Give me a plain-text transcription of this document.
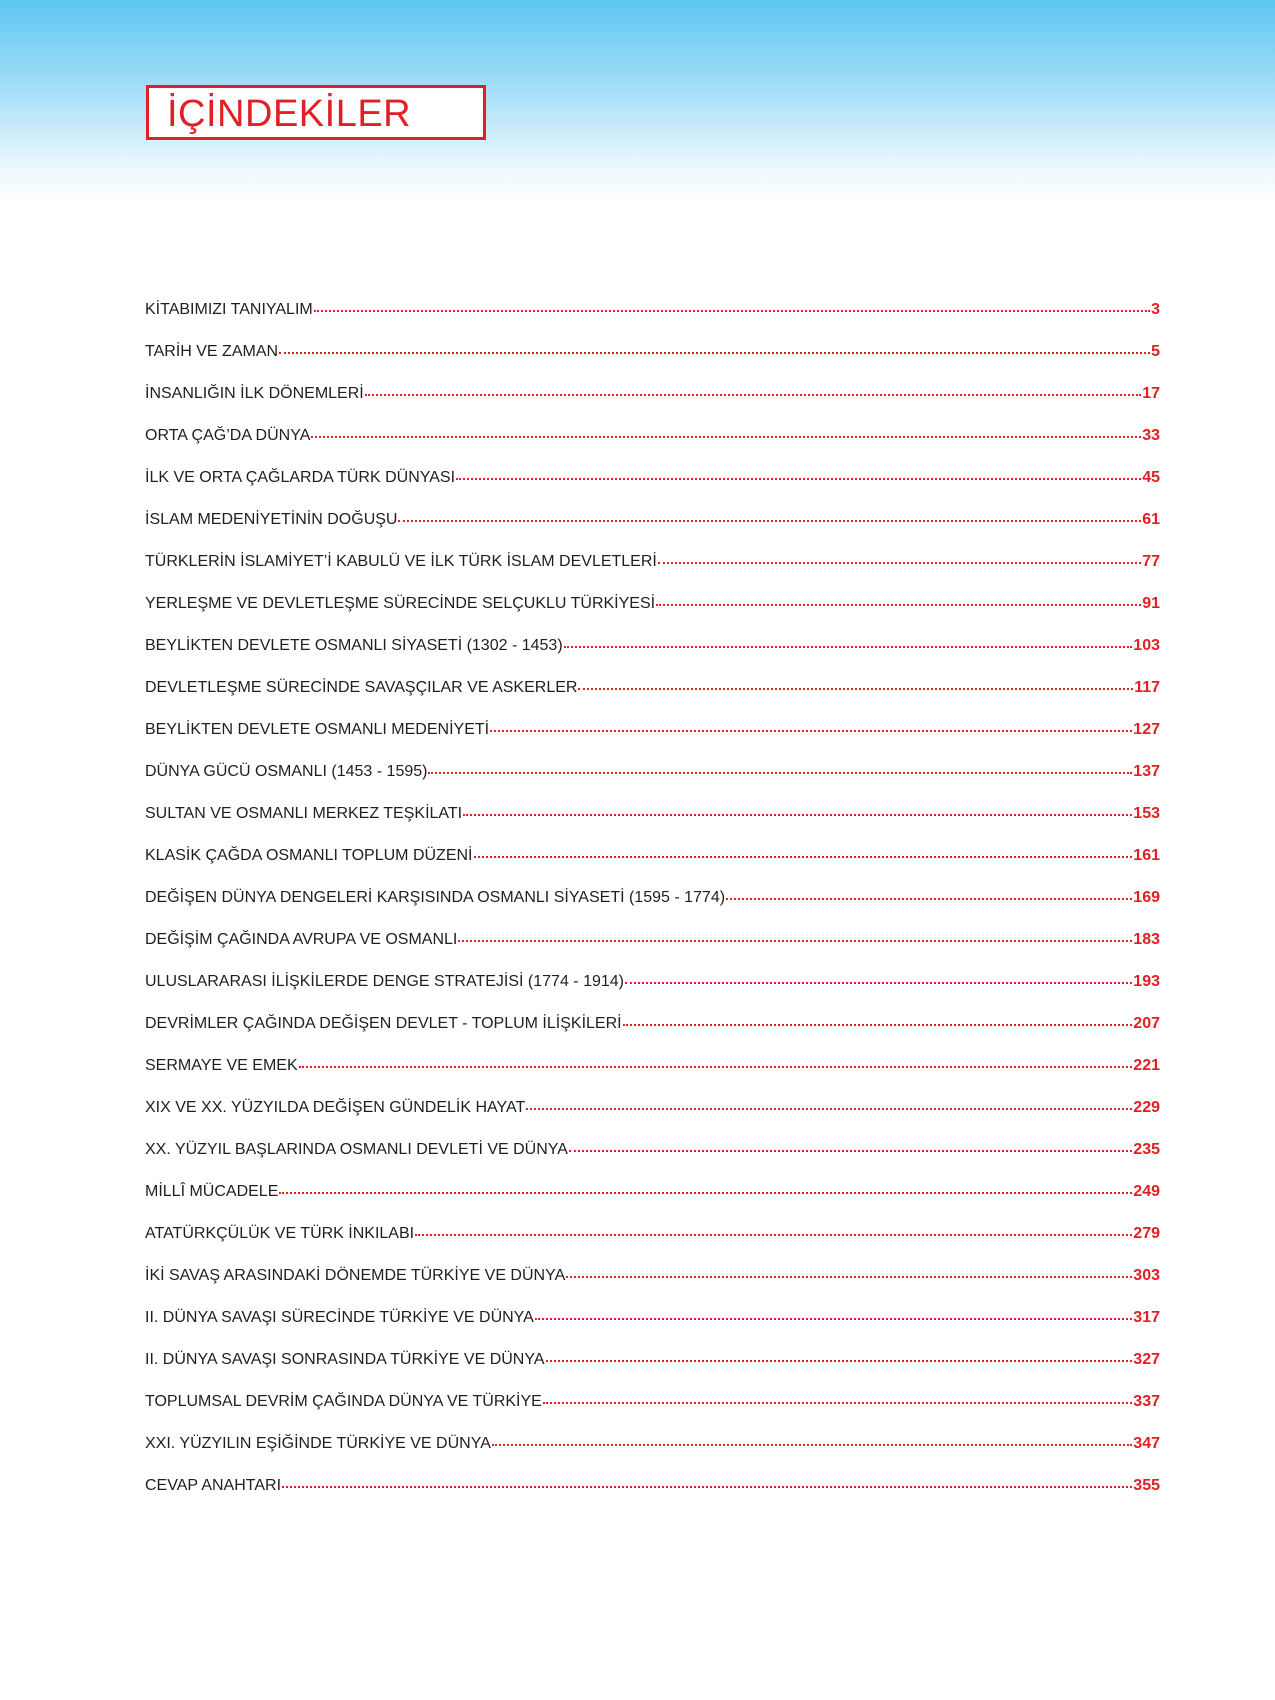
İÇİNDEKİLER
KİTABIMIZI TANIYALIM	3
TARİH VE ZAMAN	5
İNSANLIĞIN İLK DÖNEMLERİ	17
ORTA ÇAĞ’DA DÜNYA	33
İLK VE ORTA ÇAĞLARDA TÜRK DÜNYASI	45
İSLAM MEDENİYETİNİN DOĞUŞU	61
TÜRKLERİN İSLAMİYET’İ KABULÜ VE İLK TÜRK İSLAM DEVLETLERİ	77
YERLEŞME VE DEVLETLEŞME SÜRECİNDE SELÇUKLU TÜRKİYESİ	91
BEYLİKTEN DEVLETE OSMANLI SİYASETİ (1302 - 1453)	103
DEVLETLEŞME SÜRECİNDE SAVAŞÇILAR VE ASKERLER	117
BEYLİKTEN DEVLETE OSMANLI MEDENİYETİ	127
DÜNYA GÜCÜ OSMANLI (1453 - 1595)	137
SULTAN VE OSMANLI MERKEZ TEŞKİLATI	153
KLASİK ÇAĞDA OSMANLI TOPLUM DÜZENİ	161
DEĞİŞEN DÜNYA DENGELERİ KARŞISINDA OSMANLI SİYASETİ (1595 - 1774)	169
DEĞİŞİM ÇAĞINDA AVRUPA VE OSMANLI	183
ULUSLARARASI İLİŞKİLERDE DENGE STRATEJİSİ (1774 - 1914)	193
DEVRİMLER ÇAĞINDA DEĞİŞEN DEVLET - TOPLUM İLİŞKİLERİ	207
SERMAYE VE EMEK	221
XIX VE XX. YÜZYILDA DEĞİŞEN GÜNDELİK HAYAT	229
XX. YÜZYIL BAŞLARINDA OSMANLI DEVLETİ VE DÜNYA	235
MİLLÎ MÜCADELE	249
ATATÜRKÇÜLÜK VE TÜRK İNKILABI	279
İKİ SAVAŞ ARASINDAKİ DÖNEMDE TÜRKİYE VE DÜNYA	303
II. DÜNYA SAVAŞI SÜRECİNDE TÜRKİYE VE DÜNYA	317
II. DÜNYA SAVAŞI SONRASINDA TÜRKİYE VE DÜNYA	327
TOPLUMSAL DEVRİM ÇAĞINDA DÜNYA VE TÜRKİYE	337
XXI. YÜZYILIN EŞİĞİNDE TÜRKİYE VE DÜNYA	347
CEVAP ANAHTARI	355
